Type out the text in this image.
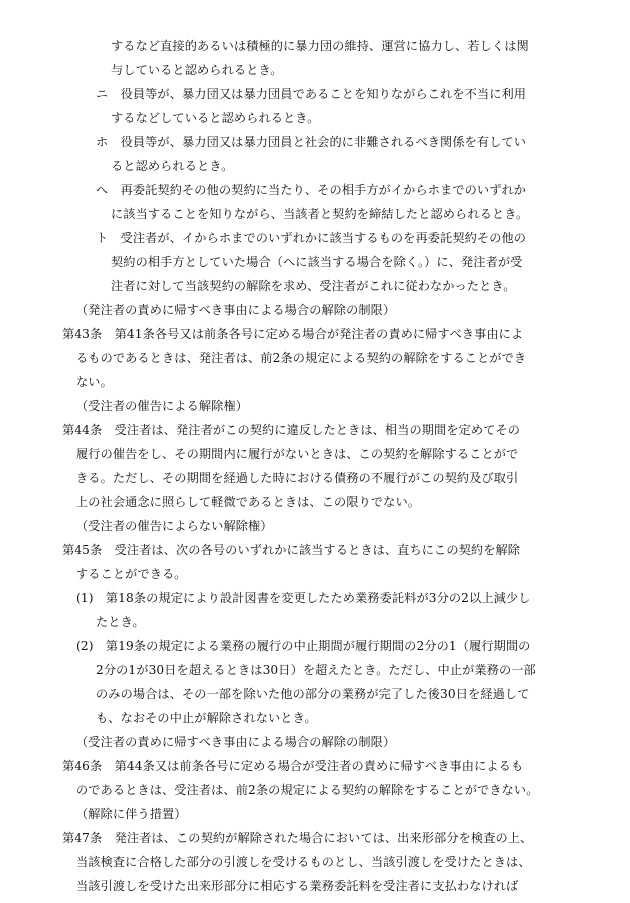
するなど直接的あるいは積極的に暴力団の維持、運営に協力し、若しくは関
与していると認められるとき。
ニ　役員等が、暴力団又は暴力団員であることを知りながらこれを不当に利用
するなどしていると認められるとき。
ホ　役員等が、暴力団又は暴力団員と社会的に非難されるべき関係を有してい
ると認められるとき。
へ　再委託契約その他の契約に当たり、その相手方がイからホまでのいずれか
に該当することを知りながら、当該者と契約を締結したと認められるとき。
ト　受注者が、イからホまでのいずれかに該当するものを再委託契約その他の
契約の相手方としていた場合（へに該当する場合を除く。）に、発注者が受
注者に対して当該契約の解除を求め、受注者がこれに従わなかったとき。
（発注者の責めに帰すべき事由による場合の解除の制限）
第43条　第41条各号又は前条各号に定める場合が発注者の責めに帰すべき事由によ
るものであるときは、発注者は、前2条の規定による契約の解除をすることができ
ない。
（受注者の催告による解除権）
第44条　受注者は、発注者がこの契約に違反したときは、相当の期間を定めてその
履行の催告をし、その期間内に履行がないときは、この契約を解除することがで
きる。ただし、その期間を経過した時における債務の不履行がこの契約及び取引
上の社会通念に照らして軽微であるときは、この限りでない。
（受注者の催告によらない解除権）
第45条　受注者は、次の各号のいずれかに該当するときは、直ちにこの契約を解除
することができる。
(1)　第18条の規定により設計図書を変更したため業務委託料が3分の2以上減少し
たとき。
(2)　第19条の規定による業務の履行の中止期間が履行期間の2分の1（履行期間の
2分の1が30日を超えるときは30日）を超えたとき。ただし、中止が業務の一部
のみの場合は、その一部を除いた他の部分の業務が完了した後30日を経過して
も、なおその中止が解除されないとき。
（受注者の責めに帰すべき事由による場合の解除の制限）
第46条　第44条又は前条各号に定める場合が受注者の責めに帰すべき事由によるも
のであるときは、受注者は、前2条の規定による契約の解除をすることができない。
（解除に伴う措置）
第47条　発注者は、この契約が解除された場合においては、出来形部分を検査の上、
当該検査に合格した部分の引渡しを受けるものとし、当該引渡しを受けたときは、
当該引渡しを受けた出来形部分に相応する業務委託料を受注者に支払わなければ
